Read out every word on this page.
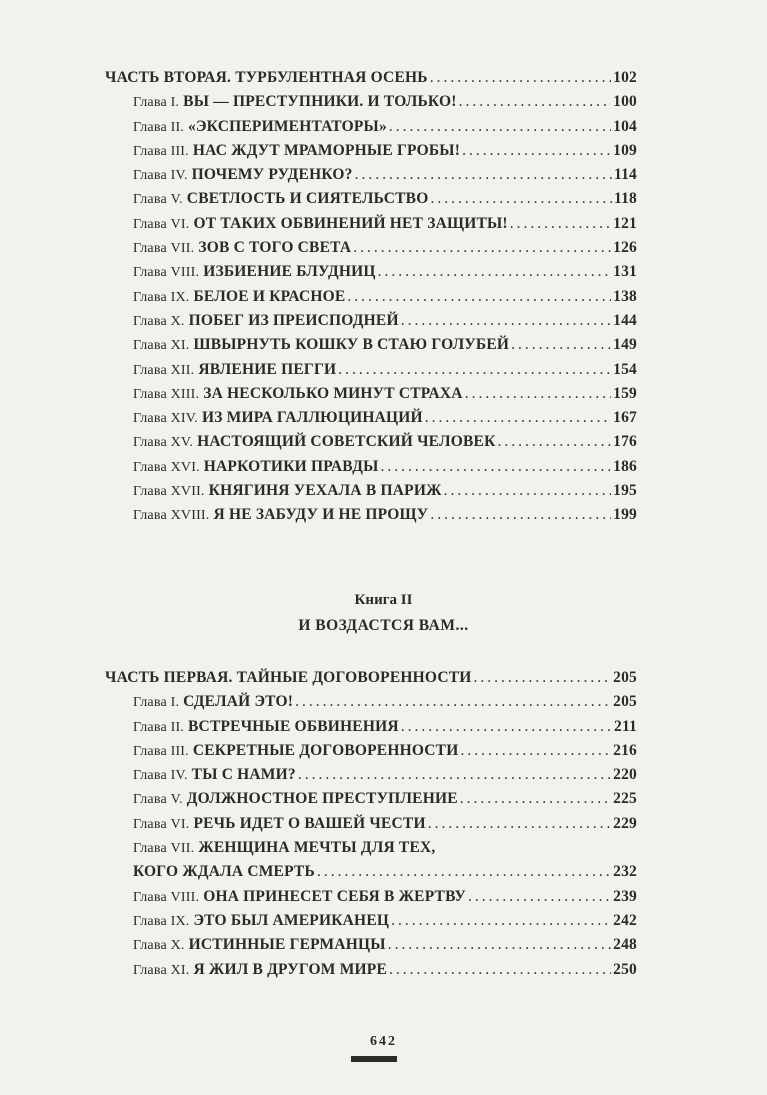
ЧАСТЬ ВТОРАЯ. ТУРБУЛЕНТНАЯ ОСЕНЬ .....	102
Глава I. ВЫ — ПРЕСТУПНИКИ. И ТОЛЬКО! .....	100
Глава II. «ЭКСПЕРИМЕНТАТОРЫ» .....	104
Глава III. НАС ЖДУТ МРАМОРНЫЕ ГРОБЫ! .....	109
Глава IV. ПОЧЕМУ РУДЕНКО? .....	114
Глава V. СВЕТЛОСТЬ И СИЯТЕЛЬСТВО .....	118
Глава VI. ОТ ТАКИХ ОБВИНЕНИЙ НЕТ ЗАЩИТЫ! .....	121
Глава VII. ЗОВ С ТОГО СВЕТА .....	126
Глава VIII. ИЗБИЕНИЕ БЛУДНИЦ .....	131
Глава IX. БЕЛОЕ И КРАСНОЕ .....	138
Глава X. ПОБЕГ ИЗ ПРЕИСПОДНЕЙ .....	144
Глава XI. ШВЫРНУТЬ КОШКУ В СТАЮ ГОЛУБЕЙ .....	149
Глава XII. ЯВЛЕНИЕ ПЕГГИ .....	154
Глава XIII. ЗА НЕСКОЛЬКО МИНУТ СТРАХА .....	159
Глава XIV. ИЗ МИРА ГАЛЛЮЦИНАЦИЙ .....	167
Глава XV. НАСТОЯЩИЙ СОВЕТСКИЙ ЧЕЛОВЕК .....	176
Глава XVI. НАРКОТИКИ ПРАВДЫ .....	186
Глава XVII. КНЯГИНЯ УЕХАЛА В ПАРИЖ .....	195
Глава XVIII. Я НЕ ЗАБУДУ И НЕ ПРОЩУ .....	199
Книга II
И ВОЗДАСТСЯ ВАМ...
ЧАСТЬ ПЕРВАЯ. ТАЙНЫЕ ДОГОВОРЕННОСТИ .....	205
Глава I. СДЕЛАЙ ЭТО! .....	205
Глава II. ВСТРЕЧНЫЕ ОБВИНЕНИЯ .....	211
Глава III. СЕКРЕТНЫЕ ДОГОВОРЕННОСТИ .....	216
Глава IV. ТЫ С НАМИ? .....	220
Глава V. ДОЛЖНОСТНОЕ ПРЕСТУПЛЕНИЕ .....	225
Глава VI. РЕЧЬ ИДЕТ О ВАШЕЙ ЧЕСТИ .....	229
Глава VII. ЖЕНЩИНА МЕЧТЫ ДЛЯ ТЕХ,
КОГО ЖДАЛА СМЕРТЬ .....	232
Глава VIII. ОНА ПРИНЕСЕТ СЕБЯ В ЖЕРТВУ .....	239
Глава IX. ЭТО БЫЛ АМЕРИКАНЕЦ .....	242
Глава X. ИСТИННЫЕ ГЕРМАНЦЫ .....	248
Глава XI. Я ЖИЛ В ДРУГОМ МИРЕ .....	250
642
